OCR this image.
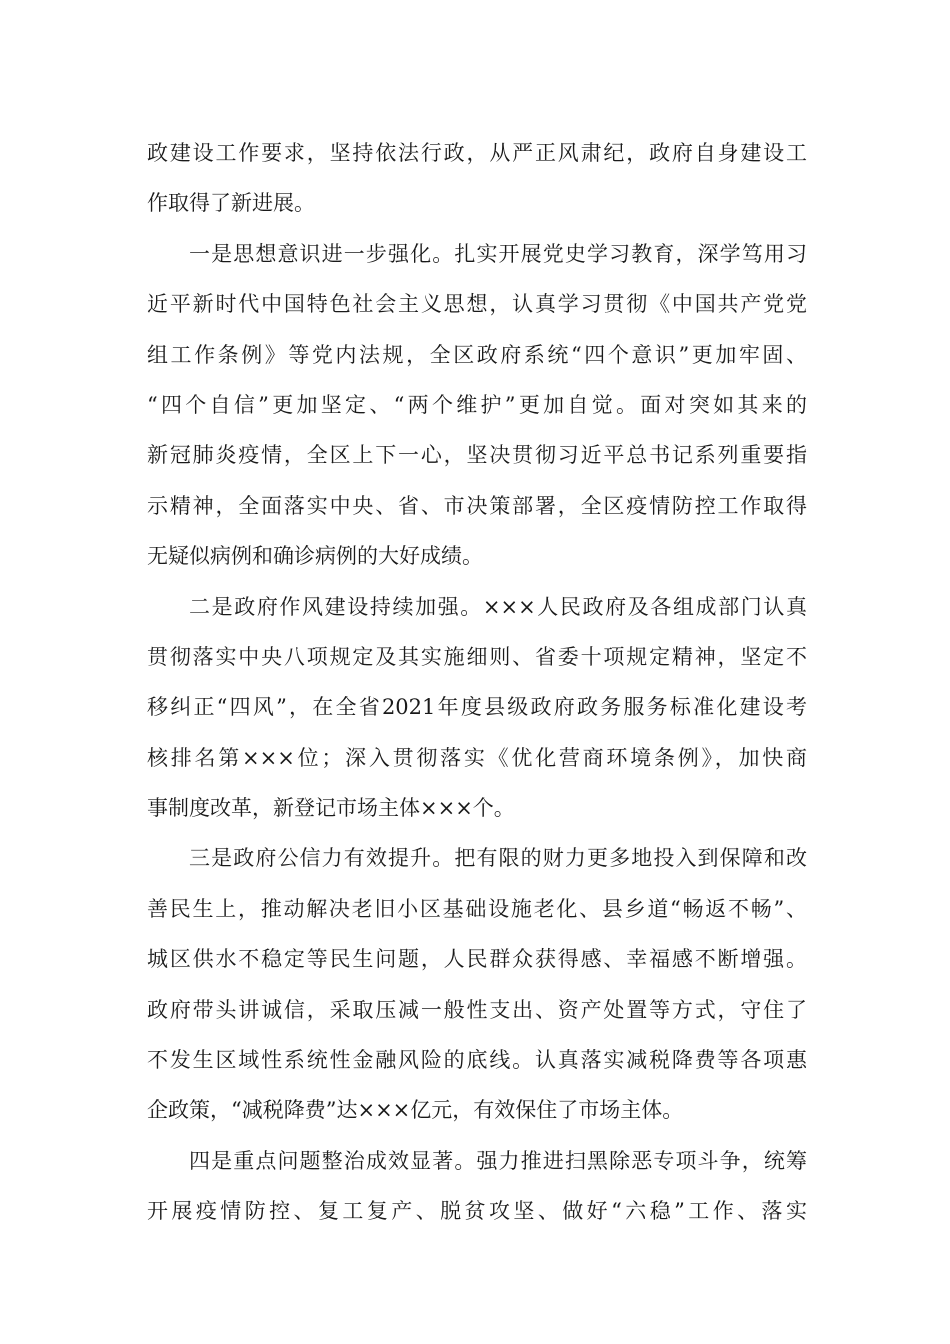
政建设工作要求，坚持依法行政，从严正风肃纪，政府自身建设工
作取得了新进展。
一是思想意识进一步强化。扎实开展党史学习教育，深学笃用习
近平新时代中国特色社会主义思想，认真学习贯彻《中国共产党党
组工作条例》等党内法规，全区政府系统“四个意识”更加牢固、
“四个自信”更加坚定、“两个维护”更加自觉。面对突如其来的
新冠肺炎疫情，全区上下一心，坚决贯彻习近平总书记系列重要指
示精神，全面落实中央、省、市决策部署，全区疫情防控工作取得
无疑似病例和确诊病例的大好成绩。
二是政府作风建设持续加强。×××人民政府及各组成部门认真
贯彻落实中央八项规定及其实施细则、省委十项规定精神，坚定不
移纠正“四风”，在全省2021年度县级政府政务服务标准化建设考
核排名第×××位；深入贯彻落实《优化营商环境条例》，加快商
事制度改革，新登记市场主体×××个。
三是政府公信力有效提升。把有限的财力更多地投入到保障和改
善民生上，推动解决老旧小区基础设施老化、县乡道“畅返不畅”、
城区供水不稳定等民生问题，人民群众获得感、幸福感不断增强。
政府带头讲诚信，采取压减一般性支出、资产处置等方式，守住了
不发生区域性系统性金融风险的底线。认真落实减税降费等各项惠
企政策，“减税降费”达×××亿元，有效保住了市场主体。
四是重点问题整治成效显著。强力推进扫黑除恶专项斗争，统筹
开展疫情防控、复工复产、脱贫攻坚、做好“六稳”工作、落实
